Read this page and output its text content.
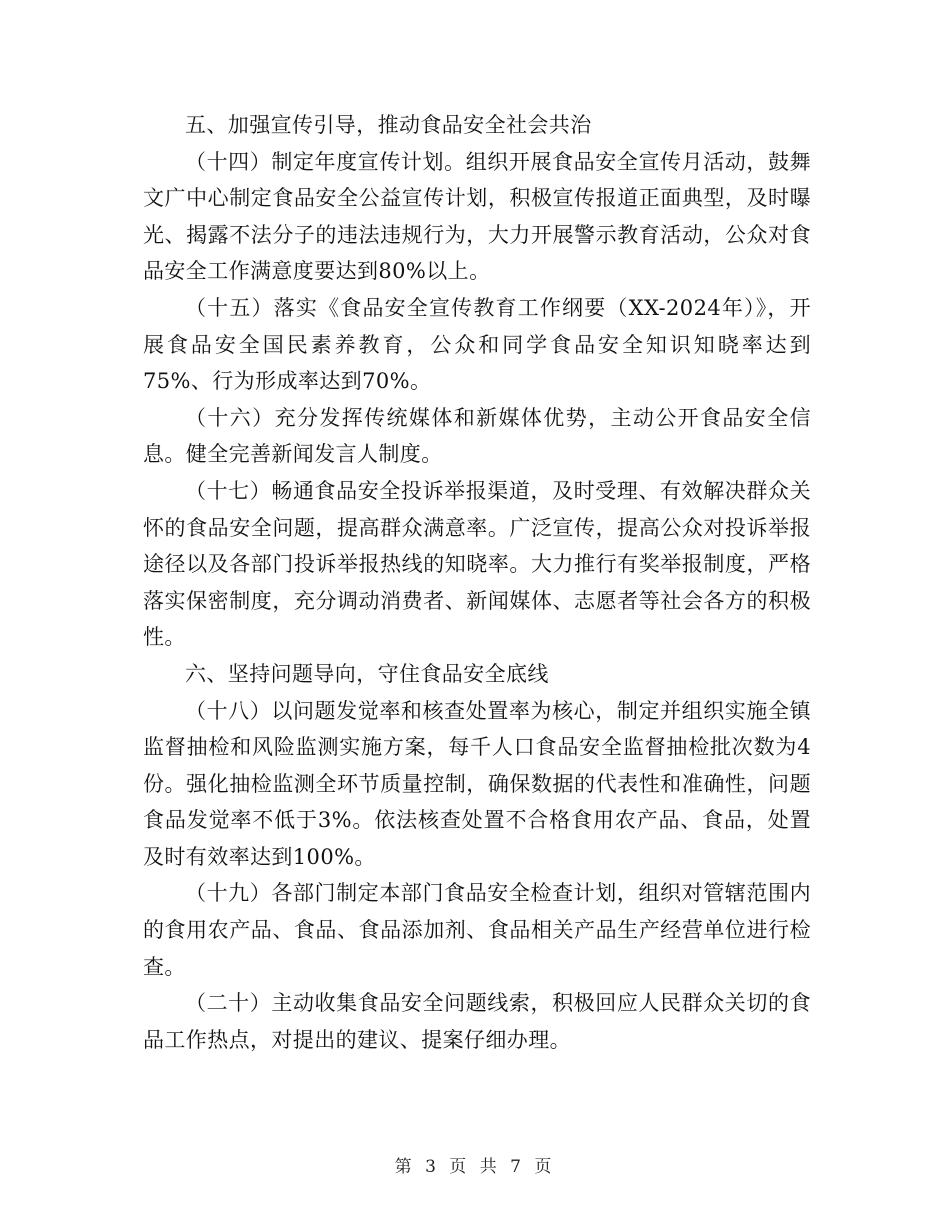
五、加强宣传引导，推动食品安全社会共治

（十四）制定年度宣传计划。组织开展食品安全宣传月活动，鼓舞文广中心制定食品安全公益宣传计划，积极宣传报道正面典型，及时曝光、揭露不法分子的违法违规行为，大力开展警示教育活动，公众对食品安全工作满意度要达到80%以上。

（十五）落实《食品安全宣传教育工作纲要（XX-2024年）》，开展食品安全国民素养教育，公众和同学食品安全知识知晓率达到75%、行为形成率达到70%。

（十六）充分发挥传统媒体和新媒体优势，主动公开食品安全信息。健全完善新闻发言人制度。

（十七）畅通食品安全投诉举报渠道，及时受理、有效解决群众关怀的食品安全问题，提高群众满意率。广泛宣传，提高公众对投诉举报途径以及各部门投诉举报热线的知晓率。大力推行有奖举报制度，严格落实保密制度，充分调动消费者、新闻媒体、志愿者等社会各方的积极性。

六、坚持问题导向，守住食品安全底线

（十八）以问题发觉率和核查处置率为核心，制定并组织实施全镇监督抽检和风险监测实施方案，每千人口食品安全监督抽检批次数为4份。强化抽检监测全环节质量控制，确保数据的代表性和准确性，问题食品发觉率不低于3%。依法核查处置不合格食用农产品、食品，处置及时有效率达到100%。

（十九）各部门制定本部门食品安全检查计划，组织对管辖范围内的食用农产品、食品、食品添加剂、食品相关产品生产经营单位进行检查。

（二十）主动收集食品安全问题线索，积极回应人民群众关切的食品工作热点，对提出的建议、提案仔细办理。

第 3 页 共 7 页
